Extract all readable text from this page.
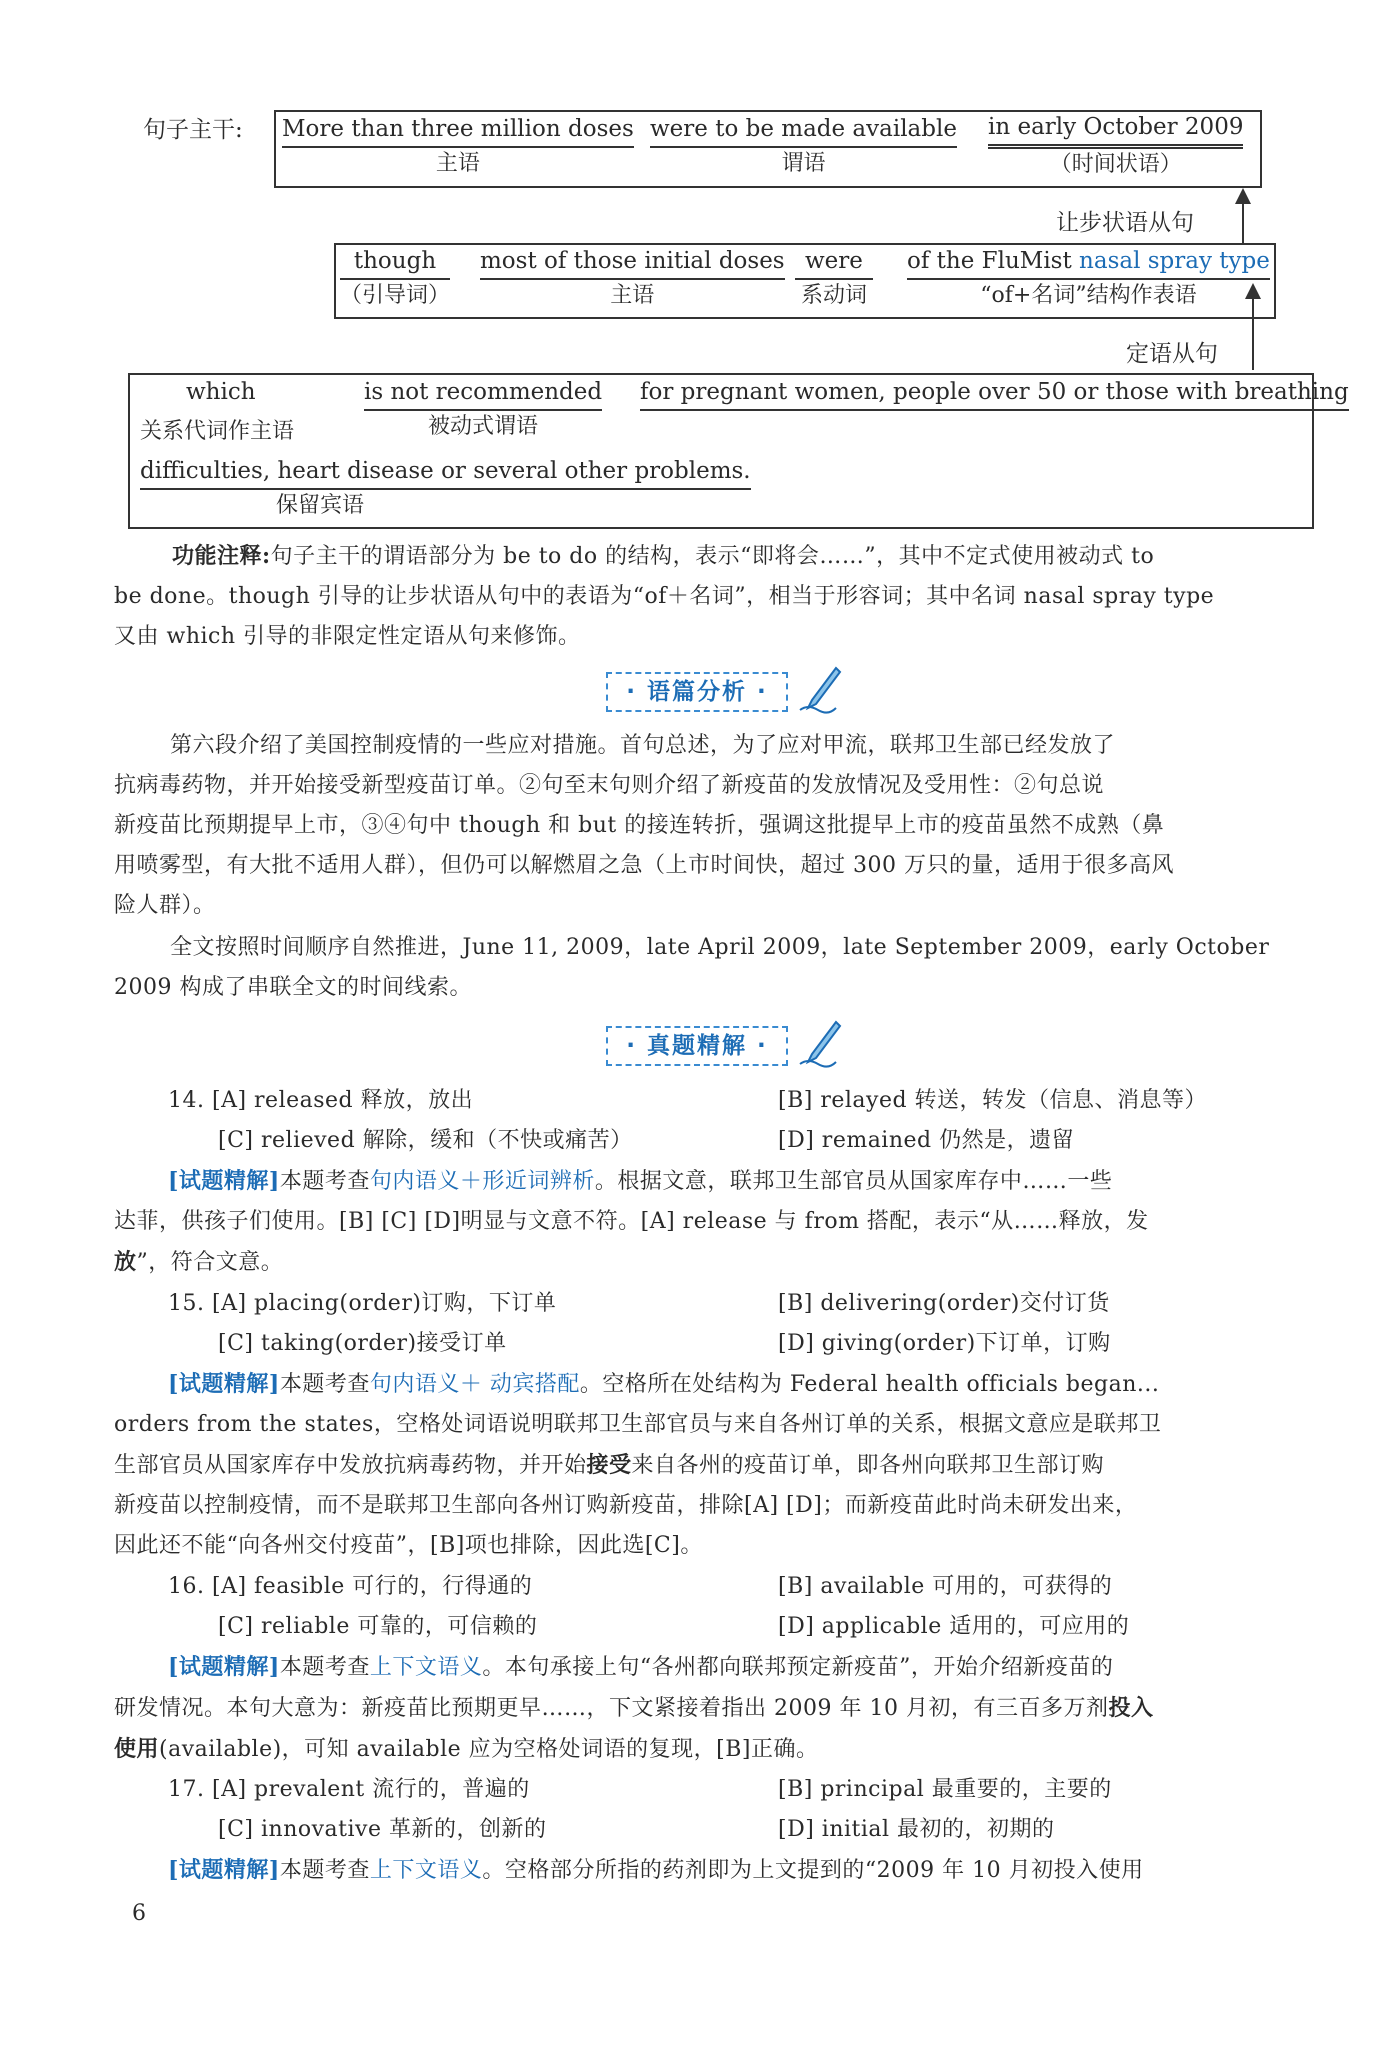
句子主干: More than three million doses
主语
were to be made available
谓语
in early October 2009
（时间状语）
让步状语从句
though
（引导词）
most of those initial doses
主语
were
系动词
of the FluMist nasal spray type
“of+名词”结构作表语
定语从句
which
关系代词作主语
is not recommended
被动式谓语
for pregnant women, people over 50 or those with breathing
difficulties, heart disease or several other problems.
保留宾语
功能注释:句子主干的谓语部分为 be to do 的结构，表示“即将会……”，其中不定式使用被动式 to
be done。though 引导的让步状语从句中的表语为“of＋名词”，相当于形容词；其中名词 nasal spray type
又由 which 引导的非限定性定语从句来修饰。
· 语篇分析 ·
第六段介绍了美国控制疫情的一些应对措施。首句总述，为了应对甲流，联邦卫生部已经发放了
抗病毒药物，并开始接受新型疫苗订单。②句至末句则介绍了新疫苗的发放情况及受用性：②句总说
新疫苗比预期提早上市，③④句中 though 和 but 的接连转折，强调这批提早上市的疫苗虽然不成熟（鼻
用喷雾型，有大批不适用人群），但仍可以解燃眉之急（上市时间快，超过 300 万只的量，适用于很多高风
险人群）。
全文按照时间顺序自然推进，June 11, 2009，late April 2009，late September 2009，early October
2009 构成了串联全文的时间线索。
· 真题精解 ·
14. [A] released 释放，放出	[B] relayed 转送，转发（信息、消息等）
[C] relieved 解除，缓和（不快或痛苦）	[D] remained 仍然是，遗留
[试题精解]本题考查句内语义＋形近词辨析。根据文意，联邦卫生部官员从国家库存中……一些
达菲，供孩子们使用。[B] [C] [D]明显与文意不符。[A] release 与 from 搭配，表示“从……释放，发
放”，符合文意。
15. [A] placing(order)订购，下订单	[B] delivering(order)交付订货
[C] taking(order)接受订单	[D] giving(order)下订单，订购
[试题精解]本题考查句内语义＋ 动宾搭配。空格所在处结构为 Federal health officials began...
orders from the states，空格处词语说明联邦卫生部官员与来自各州订单的关系，根据文意应是联邦卫
生部官员从国家库存中发放抗病毒药物，并开始接受来自各州的疫苗订单，即各州向联邦卫生部订购
新疫苗以控制疫情，而不是联邦卫生部向各州订购新疫苗，排除[A] [D]；而新疫苗此时尚未研发出来，
因此还不能“向各州交付疫苗”，[B]项也排除，因此选[C]。
16. [A] feasible 可行的，行得通的	[B] available 可用的，可获得的
[C] reliable 可靠的，可信赖的	[D] applicable 适用的，可应用的
[试题精解]本题考查上下文语义。本句承接上句“各州都向联邦预定新疫苗”，开始介绍新疫苗的
研发情况。本句大意为：新疫苗比预期更早……，下文紧接着指出 2009 年 10 月初，有三百多万剂投入
使用(available)，可知 available 应为空格处词语的复现，[B]正确。
17. [A] prevalent 流行的，普遍的	[B] principal 最重要的，主要的
[C] innovative 革新的，创新的	[D] initial 最初的，初期的
[试题精解]本题考查上下文语义。空格部分所指的药剂即为上文提到的“2009 年 10 月初投入使用
6
